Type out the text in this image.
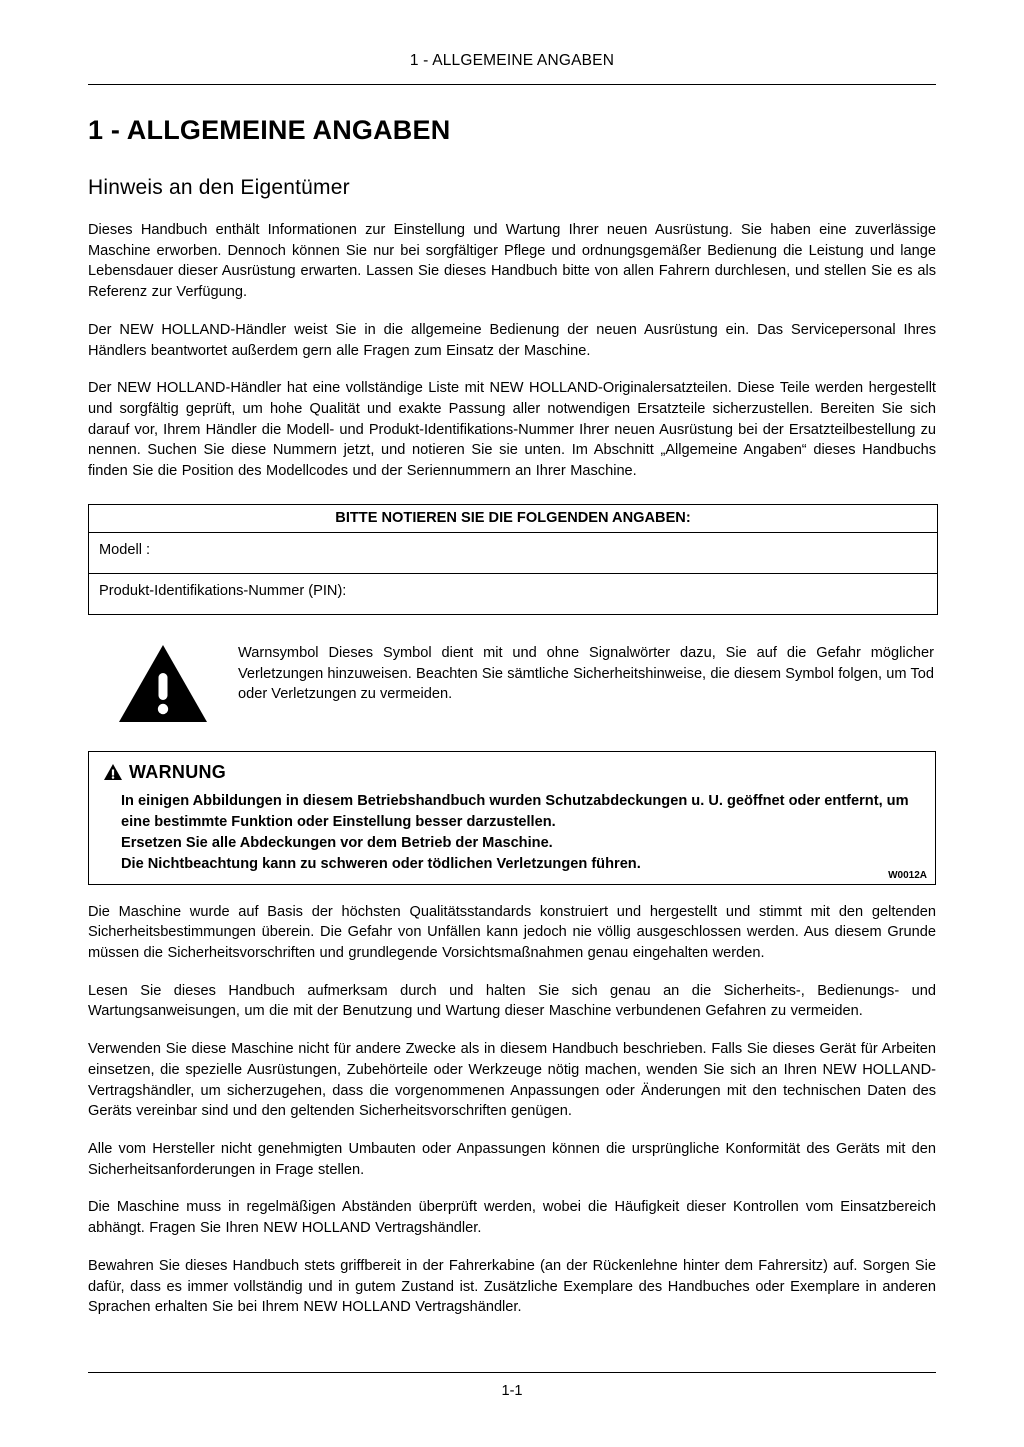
1 - ALLGEMEINE ANGABEN
1 - ALLGEMEINE ANGABEN
Hinweis an den Eigentümer

Dieses Handbuch enthält Informationen zur Einstellung und Wartung Ihrer neuen Ausrüstung. Sie haben eine zuverlässige Maschine erworben. Dennoch können Sie nur bei sorgfältiger Pflege und ordnungsgemäßer Bedienung die Leistung und lange Lebensdauer dieser Ausrüstung erwarten. Lassen Sie dieses Handbuch bitte von allen Fahrern durchlesen, und stellen Sie es als Referenz zur Verfügung.

Der NEW HOLLAND-Händler weist Sie in die allgemeine Bedienung der neuen Ausrüstung ein. Das Servicepersonal Ihres Händlers beantwortet außerdem gern alle Fragen zum Einsatz der Maschine.

Der NEW HOLLAND-Händler hat eine vollständige Liste mit NEW HOLLAND-Originalersatzteilen. Diese Teile werden hergestellt und sorgfältig geprüft, um hohe Qualität und exakte Passung aller notwendigen Ersatzteile sicherzustellen. Bereiten Sie sich darauf vor, Ihrem Händler die Modell- und Produkt-Identifikations-Nummer Ihrer neuen Ausrüstung bei der Ersatzteilbestellung zu nennen. Suchen Sie diese Nummern jetzt, und notieren Sie sie unten. Im Abschnitt „Allgemeine Angaben“ dieses Handbuchs finden Sie die Position des Modellcodes und der Seriennummern an Ihrer Maschine.

BITTE NOTIEREN SIE DIE FOLGENDEN ANGABEN:
Modell :
Produkt-Identifikations-Nummer (PIN):
Warnsymbol Dieses Symbol dient mit und ohne Signalwörter dazu, Sie auf die Gefahr möglicher Verletzungen hinzuweisen. Beachten Sie sämtliche Sicherheitshinweise, die diesem Symbol folgen, um Tod oder Verletzungen zu vermeiden.
WARNUNG
In einigen Abbildungen in diesem Betriebshandbuch wurden Schutzabdeckungen u. U. geöffnet oder entfernt, um eine bestimmte Funktion oder Einstellung besser darzustellen.
Ersetzen Sie alle Abdeckungen vor dem Betrieb der Maschine.
Die Nichtbeachtung kann zu schweren oder tödlichen Verletzungen führen.
W0012A

Die Maschine wurde auf Basis der höchsten Qualitätsstandards konstruiert und hergestellt und stimmt mit den geltenden Sicherheitsbestimmungen überein. Die Gefahr von Unfällen kann jedoch nie völlig ausgeschlossen werden. Aus diesem Grunde müssen die Sicherheitsvorschriften und grundlegende Vorsichtsmaßnahmen genau eingehalten werden.

Lesen Sie dieses Handbuch aufmerksam durch und halten Sie sich genau an die Sicherheits-, Bedienungs- und Wartungsanweisungen, um die mit der Benutzung und Wartung dieser Maschine verbundenen Gefahren zu vermeiden.

Verwenden Sie diese Maschine nicht für andere Zwecke als in diesem Handbuch beschrieben. Falls Sie dieses Gerät für Arbeiten einsetzen, die spezielle Ausrüstungen, Zubehörteile oder Werkzeuge nötig machen, wenden Sie sich an Ihren NEW HOLLAND-Vertragshändler, um sicherzugehen, dass die vorgenommenen Anpassungen oder Änderungen mit den technischen Daten des Geräts vereinbar sind und den geltenden Sicherheitsvorschriften genügen.

Alle vom Hersteller nicht genehmigten Umbauten oder Anpassungen können die ursprüngliche Konformität des Geräts mit den Sicherheitsanforderungen in Frage stellen.

Die Maschine muss in regelmäßigen Abständen überprüft werden, wobei die Häufigkeit dieser Kontrollen vom Einsatzbereich abhängt. Fragen Sie Ihren NEW HOLLAND Vertragshändler.

Bewahren Sie dieses Handbuch stets griffbereit in der Fahrerkabine (an der Rückenlehne hinter dem Fahrersitz) auf. Sorgen Sie dafür, dass es immer vollständig und in gutem Zustand ist. Zusätzliche Exemplare des Handbuches oder Exemplare in anderen Sprachen erhalten Sie bei Ihrem NEW HOLLAND Vertragshändler.

1-1
